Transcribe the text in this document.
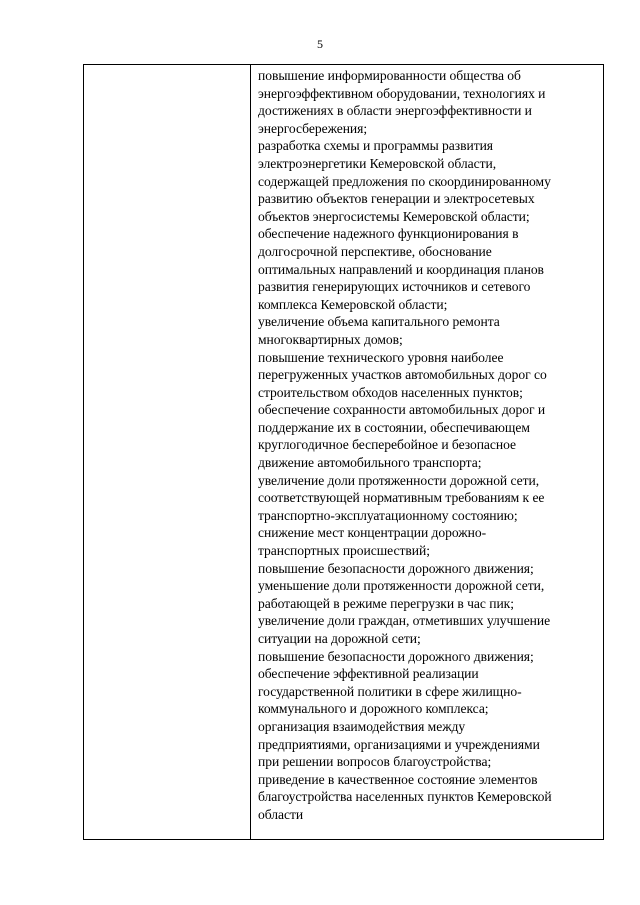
5
повышение информированности общества об
энергоэффективном оборудовании, технологиях и
достижениях в области энергоэффективности и
энергосбережения;
разработка схемы и программы развития
электроэнергетики Кемеровской области,
содержащей предложения по скоординированному
развитию объектов генерации и электросетевых
объектов энергосистемы Кемеровской области;
обеспечение надежного функционирования в
долгосрочной перспективе, обоснование
оптимальных направлений и координация планов
развития генерирующих источников и сетевого
комплекса Кемеровской области;
увеличение объема капитального ремонта
многоквартирных домов;
повышение технического уровня наиболее
перегруженных участков автомобильных дорог со
строительством обходов населенных пунктов;
обеспечение сохранности автомобильных дорог и
поддержание их в состоянии, обеспечивающем
круглогодичное бесперебойное и безопасное
движение автомобильного транспорта;
увеличение доли протяженности дорожной сети,
соответствующей нормативным требованиям к ее
транспортно-эксплуатационному состоянию;
снижение мест концентрации дорожно-
транспортных происшествий;
повышение безопасности дорожного движения;
уменьшение доли протяженности дорожной сети,
работающей в режиме перегрузки в час пик;
увеличение доли граждан, отметивших улучшение
ситуации на дорожной сети;
повышение безопасности дорожного движения;
обеспечение эффективной реализации
государственной политики в сфере жилищно-
коммунального и дорожного комплекса;
организация взаимодействия между
предприятиями, организациями и учреждениями
при решении вопросов благоустройства;
приведение в качественное состояние элементов
благоустройства населенных пунктов Кемеровской
области
